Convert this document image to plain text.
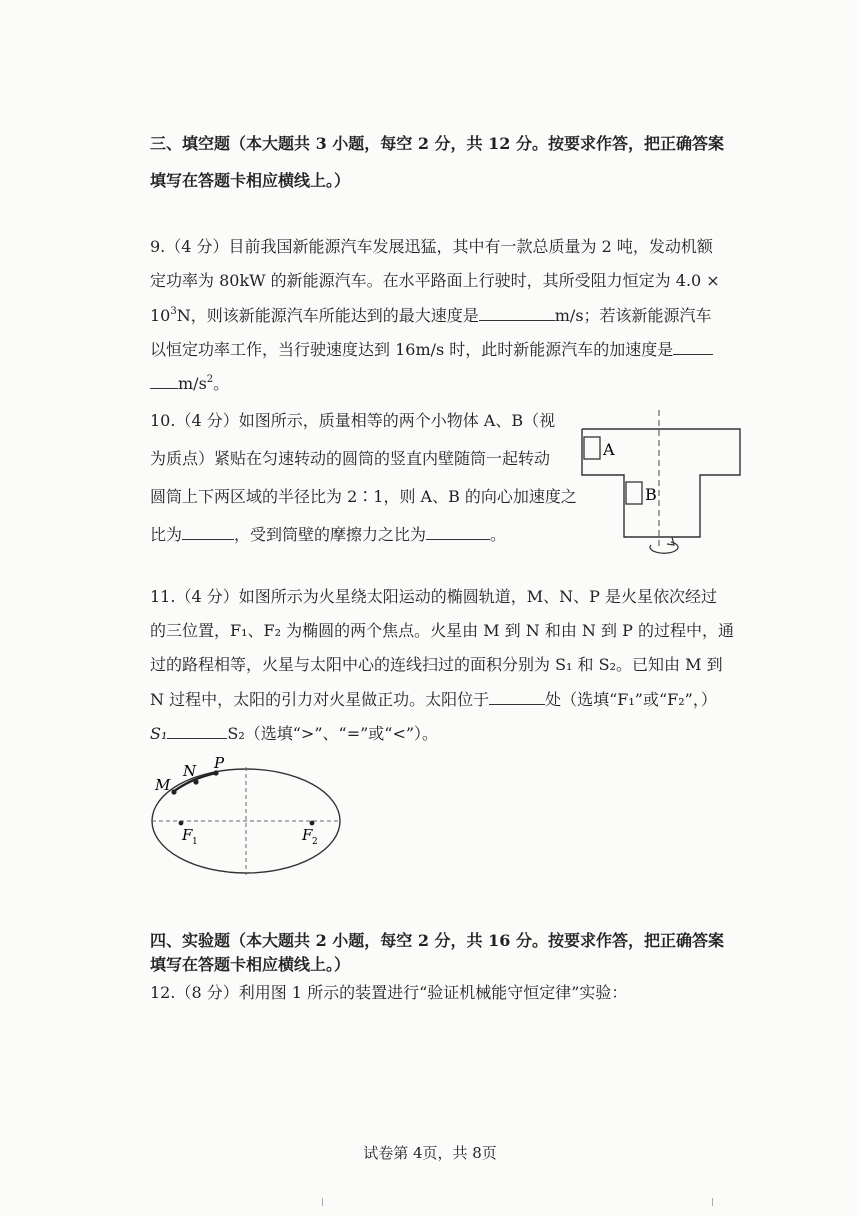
三、填空题（本大题共 3 小题，每空 2 分，共 12 分。按要求作答，把正确答案
填写在答题卡相应横线上。）
9.（4 分）目前我国新能源汽车发展迅猛，其中有一款总质量为 2 吨，发动机额
定功率为 80kW 的新能源汽车。在水平路面上行驶时，其所受阻力恒定为 4.0 ×
$10^3N$，则该新能源汽车所能达到的最大速度是	m/s；若该新能源汽车
以恒定功率工作，当行驶速度达到 16m/s 时，此时新能源汽车的加速度是
$m/s^2$。
10.（4 分）如图所示，质量相等的两个小物体 A、B（视
为质点）紧贴在匀速转动的圆筒的竖直内壁随筒一起转动
圆筒上下两区域的半径比为 2∶1，则 A、B 的向心加速度之
比为	，受到筒壁的摩擦力之比为	。
A
B
11.（4 分）如图所示为火星绕太阳运动的椭圆轨道，M、N、P 是火星依次经过
的三位置，F₁、F₂ 为椭圆的两个焦点。火星由 M 到 N 和由 N 到 P 的过程中，通
过的路程相等，火星与太阳中心的连线扫过的面积分别为 S₁ 和 S₂。已知由 M 到
N 过程中，太阳的引力对火星做正功。太阳位于	处（选填“F₁”或“F₂”，）
S₁	S₂（选填“>”、“=”或“<”）。
M
N P
F 1	F 2
四、实验题（本大题共 2 小题，每空 2 分，共 16 分。按要求作答，把正确答案
填写在答题卡相应横线上。）
12.（8 分）利用图 1 所示的装置进行“验证机械能守恒定律”实验：
试卷第 4页，共 8页
